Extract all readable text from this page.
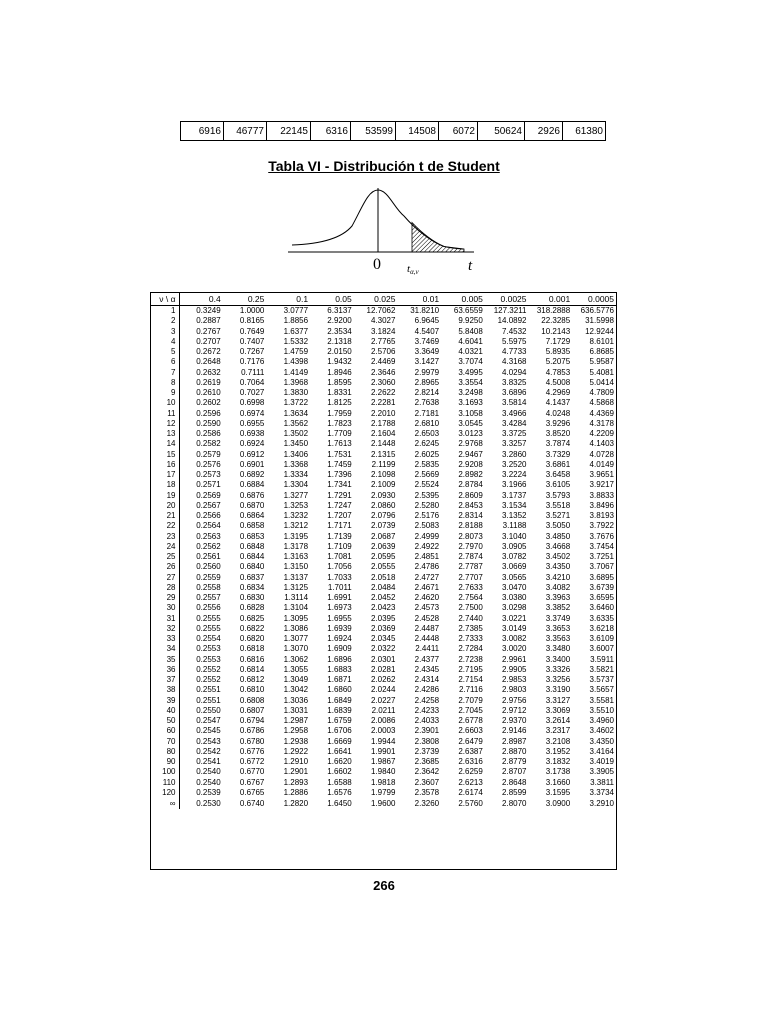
6916	46777	22145	6316	53599	14508	6072	50624	2926	61380
Tabla VI - Distribución t de Student
0 tα,ν	t
ν \ α	0.4	0.25	0.1	0.05	0.025	0.01	0.005	0.0025	0.001	0.0005
1	0.3249	1.0000	3.0777	6.3137	12.7062	31.8210	63.6559	127.3211	318.2888	636.5776
2	0.2887	0.8165	1.8856	2.9200	4.3027	6.9645	9.9250	14.0892	22.3285	31.5998
3	0.2767	0.7649	1.6377	2.3534	3.1824	4.5407	5.8408	7.4532	10.2143	12.9244
4	0.2707	0.7407	1.5332	2.1318	2.7765	3.7469	4.6041	5.5975	7.1729	8.6101
5	0.2672	0.7267	1.4759	2.0150	2.5706	3.3649	4.0321	4.7733	5.8935	6.8685
6	0.2648	0.7176	1.4398	1.9432	2.4469	3.1427	3.7074	4.3168	5.2075	5.9587
7	0.2632	0.7111	1.4149	1.8946	2.3646	2.9979	3.4995	4.0294	4.7853	5.4081
8	0.2619	0.7064	1.3968	1.8595	2.3060	2.8965	3.3554	3.8325	4.5008	5.0414
9	0.2610	0.7027	1.3830	1.8331	2.2622	2.8214	3.2498	3.6896	4.2969	4.7809
10	0.2602	0.6998	1.3722	1.8125	2.2281	2.7638	3.1693	3.5814	4.1437	4.5868
11	0.2596	0.6974	1.3634	1.7959	2.2010	2.7181	3.1058	3.4966	4.0248	4.4369
12	0.2590	0.6955	1.3562	1.7823	2.1788	2.6810	3.0545	3.4284	3.9296	4.3178
13	0.2586	0.6938	1.3502	1.7709	2.1604	2.6503	3.0123	3.3725	3.8520	4.2209
14	0.2582	0.6924	1.3450	1.7613	2.1448	2.6245	2.9768	3.3257	3.7874	4.1403
15	0.2579	0.6912	1.3406	1.7531	2.1315	2.6025	2.9467	3.2860	3.7329	4.0728
16	0.2576	0.6901	1.3368	1.7459	2.1199	2.5835	2.9208	3.2520	3.6861	4.0149
17	0.2573	0.6892	1.3334	1.7396	2.1098	2.5669	2.8982	3.2224	3.6458	3.9651
18	0.2571	0.6884	1.3304	1.7341	2.1009	2.5524	2.8784	3.1966	3.6105	3.9217
19	0.2569	0.6876	1.3277	1.7291	2.0930	2.5395	2.8609	3.1737	3.5793	3.8833
20	0.2567	0.6870	1.3253	1.7247	2.0860	2.5280	2.8453	3.1534	3.5518	3.8496
21	0.2566	0.6864	1.3232	1.7207	2.0796	2.5176	2.8314	3.1352	3.5271	3.8193
22	0.2564	0.6858	1.3212	1.7171	2.0739	2.5083	2.8188	3.1188	3.5050	3.7922
23	0.2563	0.6853	1.3195	1.7139	2.0687	2.4999	2.8073	3.1040	3.4850	3.7676
24	0.2562	0.6848	1.3178	1.7109	2.0639	2.4922	2.7970	3.0905	3.4668	3.7454
25	0.2561	0.6844	1.3163	1.7081	2.0595	2.4851	2.7874	3.0782	3.4502	3.7251
26	0.2560	0.6840	1.3150	1.7056	2.0555	2.4786	2.7787	3.0669	3.4350	3.7067
27	0.2559	0.6837	1.3137	1.7033	2.0518	2.4727	2.7707	3.0565	3.4210	3.6895
28	0.2558	0.6834	1.3125	1.7011	2.0484	2.4671	2.7633	3.0470	3.4082	3.6739
29	0.2557	0.6830	1.3114	1.6991	2.0452	2.4620	2.7564	3.0380	3.3963	3.6595
30	0.2556	0.6828	1.3104	1.6973	2.0423	2.4573	2.7500	3.0298	3.3852	3.6460
31	0.2555	0.6825	1.3095	1.6955	2.0395	2.4528	2.7440	3.0221	3.3749	3.6335
32	0.2555	0.6822	1.3086	1.6939	2.0369	2.4487	2.7385	3.0149	3.3653	3.6218
33	0.2554	0.6820	1.3077	1.6924	2.0345	2.4448	2.7333	3.0082	3.3563	3.6109
34	0.2553	0.6818	1.3070	1.6909	2.0322	2.4411	2.7284	3.0020	3.3480	3.6007
35	0.2553	0.6816	1.3062	1.6896	2.0301	2.4377	2.7238	2.9961	3.3400	3.5911
36	0.2552	0.6814	1.3055	1.6883	2.0281	2.4345	2.7195	2.9905	3.3326	3.5821
37	0.2552	0.6812	1.3049	1.6871	2.0262	2.4314	2.7154	2.9853	3.3256	3.5737
38	0.2551	0.6810	1.3042	1.6860	2.0244	2.4286	2.7116	2.9803	3.3190	3.5657
39	0.2551	0.6808	1.3036	1.6849	2.0227	2.4258	2.7079	2.9756	3.3127	3.5581
40	0.2550	0.6807	1.3031	1.6839	2.0211	2.4233	2.7045	2.9712	3.3069	3.5510
50	0.2547	0.6794	1.2987	1.6759	2.0086	2.4033	2.6778	2.9370	3.2614	3.4960
60	0.2545	0.6786	1.2958	1.6706	2.0003	2.3901	2.6603	2.9146	3.2317	3.4602
70	0.2543	0.6780	1.2938	1.6669	1.9944	2.3808	2.6479	2.8987	3.2108	3.4350
80	0.2542	0.6776	1.2922	1.6641	1.9901	2.3739	2.6387	2.8870	3.1952	3.4164
90	0.2541	0.6772	1.2910	1.6620	1.9867	2.3685	2.6316	2.8779	3.1832	3.4019
100	0.2540	0.6770	1.2901	1.6602	1.9840	2.3642	2.6259	2.8707	3.1738	3.3905
110	0.2540	0.6767	1.2893	1.6588	1.9818	2.3607	2.6213	2.8648	3.1660	3.3811
120	0.2539	0.6765	1.2886	1.6576	1.9799	2.3578	2.6174	2.8599	3.1595	3.3734
∞	0.2530	0.6740	1.2820	1.6450	1.9600	2.3260	2.5760	2.8070	3.0900	3.2910
266
